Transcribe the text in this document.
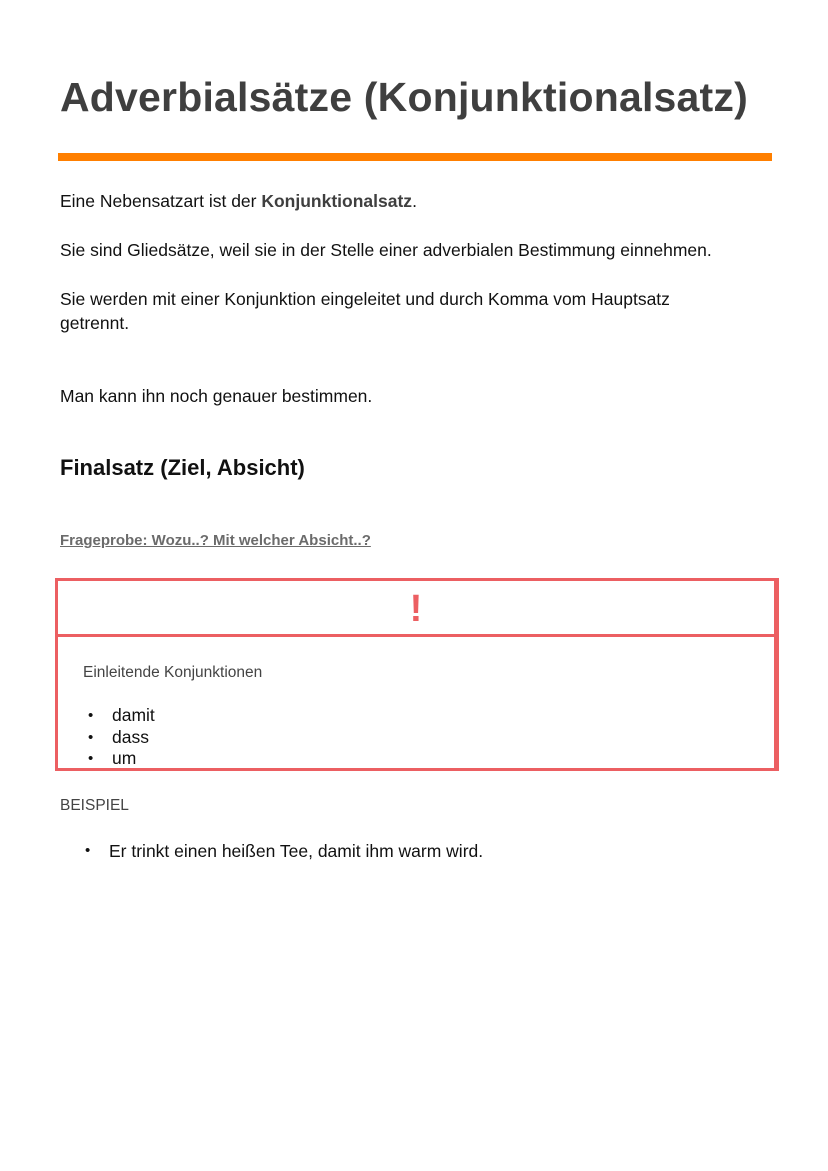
Adverbialsätze (Konjunktionalsatz)

Eine Nebensatzart ist der Konjunktionalsatz.

Sie sind Gliedsätze, weil sie in der Stelle einer adverbialen Bestimmung einnehmen.

Sie werden mit einer Konjunktion eingeleitet und durch Komma vom Hauptsatz getrennt.

Man kann ihn noch genauer bestimmen.

Finalsatz (Ziel, Absicht)

Frageprobe: Wozu..? Mit welcher Absicht..?

!

Einleitende Konjunktionen

• damit
• dass
• um

BEISPIEL

• Er trinkt einen heißen Tee, damit ihm warm wird.
